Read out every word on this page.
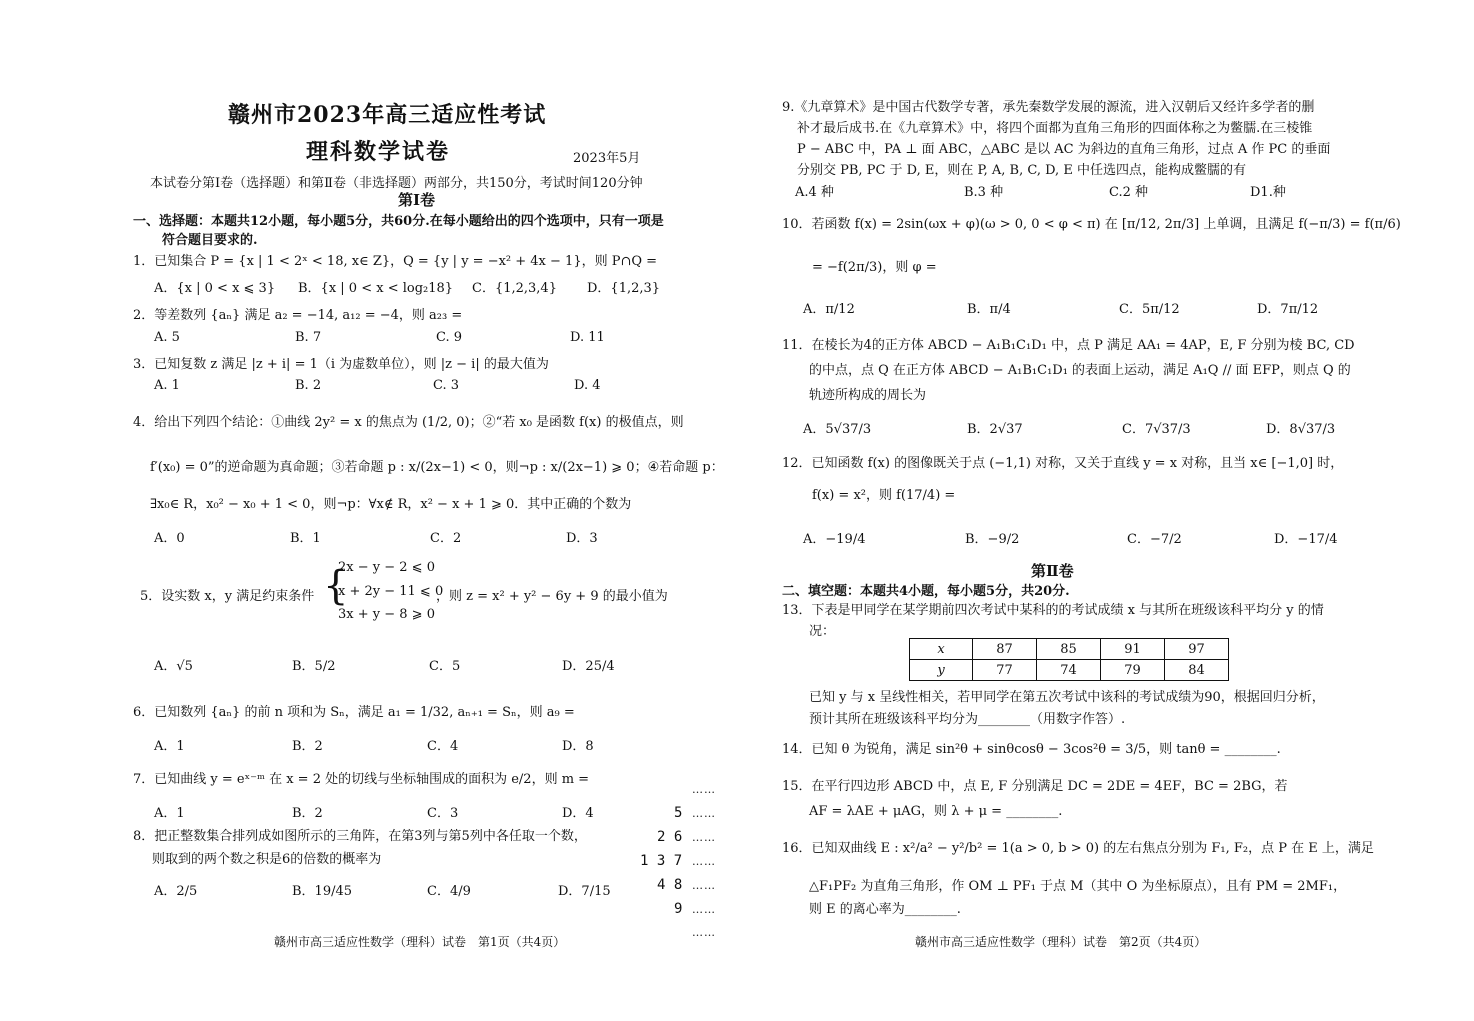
赣州市2023年高三适应性考试
理科数学试卷	2023年5月
本试卷分第Ⅰ卷（选择题）和第Ⅱ卷（非选择题）两部分，共150分，考试时间120分钟
第Ⅰ卷
一、选择题：本题共12小题，每小题5分，共60分.在每小题给出的四个选项中，只有一项是
符合题目要求的.
1．已知集合 P = {x | 1 < 2ˣ < 18, x∈ Z}，Q = {y | y = −x² + 4x − 1}，则 P∩Q =
A．{x | 0 < x ⩽ 3} B．{x | 0 < x < log₂18} C．{1,2,3,4} D．{1,2,3}
2．等差数列 {aₙ} 满足 a₂ = −14, a₁₂ = −4，则 a₂₃ =
A. 5	B. 7	C. 9	D. 11
3．已知复数 z 满足 |z + i| = 1（i 为虚数单位），则 |z − i| 的最大值为
A. 1	B. 2	C. 3	D. 4
4．给出下列四个结论：①曲线 2y² = x 的焦点为 (1/2, 0)；②“若 x₀ 是函数 f(x) 的极值点，则
f′(x₀) = 0”的逆命题为真命题；③若命题 p : x/(2x−1) < 0，则¬p : x/(2x−1) ⩾ 0；④若命题 p：
∃x₀∈ R，x₀² − x₀ + 1 < 0，则¬p：∀x∉ R，x² − x + 1 ⩾ 0．其中正确的个数为
A．0	B．1	C．2	D．3
5．设实数 x，y 满足约束条件 {
2x − y − 2 ⩽ 0
x + 2y − 11 ⩽ 0
3x + y − 8 ⩾ 0
，则 z = x² + y² − 6y + 9 的最小值为
A．√5	B．5/2	C．5	D．25/4
6．已知数列 {aₙ} 的前 n 项和为 Sₙ，满足 a₁ = 1/32, aₙ₊₁ = Sₙ，则 a₉ =
A．1	B．2	C．4	D．8
7．已知曲线 y = eˣ⁻ᵐ 在 x = 2 处的切线与坐标轴围成的面积为 e/2，则 m =
A．1	B．2	C．3	D．4
8．把正整数集合排列成如图所示的三角阵，在第3列与第5列中各任取一个数，
则取到的两个数之积是6的倍数的概率为
A．2/5	B．19/45	C．4/9	D．7/15
……
5 ……
2 6 ……
1 3 7 ……
4 8 ……
9 ……
……
赣州市高三适应性数学（理科）试卷　第1页（共4页）
9.《九章算术》是中国古代数学专著，承先秦数学发展的源流，进入汉朝后又经许多学者的删
补才最后成书.在《九章算术》中，将四个面都为直角三角形的四面体称之为鳖臑.在三棱锥
P − ABC 中，PA ⊥ 面 ABC，△ABC 是以 AC 为斜边的直角三角形，过点 A 作 PC 的垂面
分别交 PB, PC 于 D, E，则在 P, A, B, C, D, E 中任选四点，能构成鳖臑的有
A.4 种	B.3 种	C.2 种	D1.种
10．若函数 f(x) = 2sin(ωx + φ)(ω > 0, 0 < φ < π) 在 [π/12, 2π/3] 上单调，且满足 f(−π/3) = f(π/6)
= −f(2π/3)，则 φ =
A．π/12	B．π/4	C．5π/12	D．7π/12
11．在棱长为4的正方体 ABCD − A₁B₁C₁D₁ 中，点 P 满足 AA₁ = 4AP，E, F 分别为棱 BC, CD
的中点，点 Q 在正方体 ABCD − A₁B₁C₁D₁ 的表面上运动，满足 A₁Q // 面 EFP，则点 Q 的
轨迹所构成的周长为
A．5√37/3	B．2√37	C．7√37/3	D．8√37/3
12．已知函数 f(x) 的图像既关于点 (−1,1) 对称，又关于直线 y = x 对称，且当 x∈ [−1,0] 时，
f(x) = x²，则 f(17/4) =
A．−19/4	B．−9/2	C．−7/2	D．−17/4
第Ⅱ卷
二、填空题：本题共4小题，每小题5分，共20分.
13．下表是甲同学在某学期前四次考试中某科的的考试成绩 x 与其所在班级该科平均分 y 的情
况：
x	87	85	91	97
y	77	74	79	84
已知 y 与 x 呈线性相关，若甲同学在第五次考试中该科的考试成绩为90，根据回归分析，
预计其所在班级该科平均分为________（用数字作答）.
14．已知 θ 为锐角，满足 sin²θ + sinθcosθ − 3cos²θ = 3/5，则 tanθ = ________.
15．在平行四边形 ABCD 中，点 E, F 分别满足 DC = 2DE = 4EF，BC = 2BG，若
AF = λAE + μAG，则 λ + μ = ________.
16．已知双曲线 E : x²/a² − y²/b² = 1(a > 0, b > 0) 的左右焦点分别为 F₁, F₂，点 P 在 E 上，满足
△F₁PF₂ 为直角三角形，作 OM ⊥ PF₁ 于点 M（其中 O 为坐标原点），且有 PM = 2MF₁，
则 E 的离心率为________.
赣州市高三适应性数学（理科）试卷　第2页（共4页）
